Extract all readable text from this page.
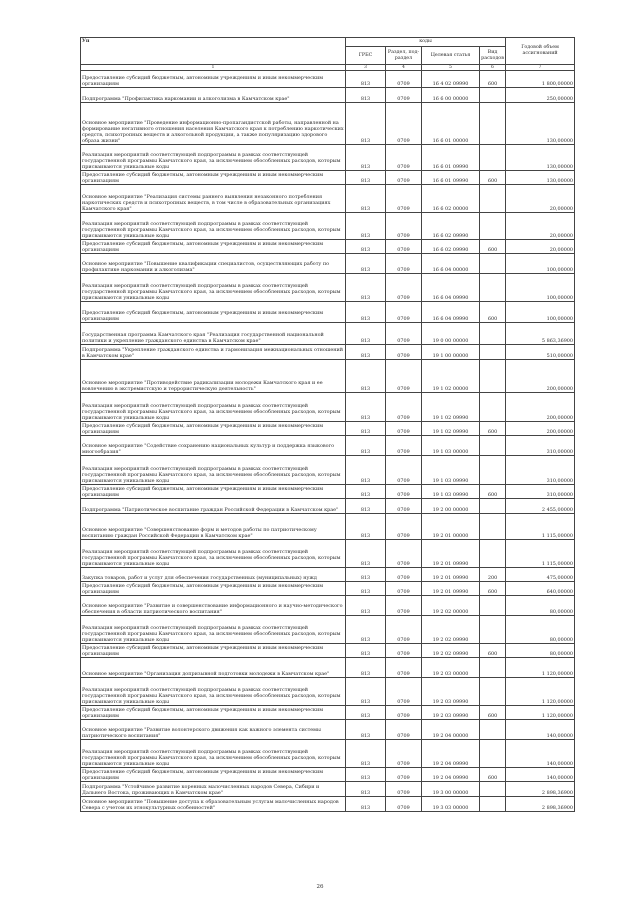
Уп	коды				Годовой объем ассигнований
	ГРБС	Раздел, под-раздел	Целевая статья	Вид расходов	
1	3	4	5	6	7
Предоставление субсидий бюджетным, автономным учреждениям и иным некоммерческим организациям	813	0709	16 4 02 09990	600	1 800,00000
Подпрограмма "Профилактика наркомании и алкоголизма в Камчатском крае"	813	0709	16 6 00 00000		250,00000
Основное мероприятие "Проведение информационно-пропагандистской работы, направленной на формирование негативного отношения населения Камчатского края к потреблению наркотических средств, психотропных веществ и алкогольной продукции, а также популяризацию здорового образа жизни"	813	0709	16 6 01 00000		130,00000
Реализация мероприятий соответствующей подпрограммы в рамках соответствующей государственной программы Камчатского края, за исключением обособленных расходов, которым присваиваются уникальные коды	813	0709	16 6 01 09990		130,00000
Предоставление субсидий бюджетным, автономным учреждениям и иным некоммерческим организациям	813	0709	16 6 01 09990	600	130,00000
Основное мероприятие "Реализация системы раннего выявления незаконного потребления наркотических средств и психотропных веществ, в том числе в образовательных организациях Камчатского края"	813	0709	16 6 02 00000		20,00000
Реализация мероприятий соответствующей подпрограммы в рамках соответствующей государственной программы Камчатского края, за исключением обособленных расходов, которым присваиваются уникальные коды	813	0709	16 6 02 09990		20,00000
Предоставление субсидий бюджетным, автономным учреждениям и иным некоммерческим организациям	813	0709	16 6 02 09990	600	20,00000
Основное мероприятие "Повышение квалификации специалистов, осуществляющих работу по профилактике наркомании и алкоголизма"	813	0709	16 6 04 00000		100,00000
Реализация мероприятий соответствующей подпрограммы в рамках соответствующей государственной программы Камчатского края, за исключением обособленных расходов, которым присваиваются уникальные коды	813	0709	16 6 04 09990		100,00000
Предоставление субсидий бюджетным, автономным учреждениям и иным некоммерческим организациям	813	0709	16 6 04 09990	600	100,00000
Государственная программа Камчатского края "Реализация государственной национальной политики и укрепление гражданского единства в Камчатском крае"	813	0709	19 0 00 00000		5 863,36900
Подпрограмма "Укрепление гражданского единства и гармонизация межнациональных отношений в Камчатском крае"	813	0709	19 1 00 00000		510,00000
Основное мероприятие "Противодействие радикализации молодежи Камчатского края и ее вовлечению в экстремистскую и террористическую деятельность"	813	0709	19 1 02 00000		200,00000
Реализация мероприятий соответствующей подпрограммы в рамках соответствующей государственной программы Камчатского края, за исключением обособленных расходов, которым присваиваются уникальные коды	813	0709	19 1 02 09990		200,00000
Предоставление субсидий бюджетным, автономным учреждениям и иным некоммерческим организациям	813	0709	19 1 02 09990	600	200,00000
Основное мероприятие "Содействие сохранению национальных культур и поддержка языкового многообразия"	813	0709	19 1 03 00000		310,00000
Реализация мероприятий соответствующей подпрограммы в рамках соответствующей государственной программы Камчатского края, за исключением обособленных расходов, которым присваиваются уникальные коды	813	0709	19 1 03 09990		310,00000
Предоставление субсидий бюджетным, автономным учреждениям и иным некоммерческим организациям	813	0709	19 1 03 09990	600	310,00000
Подпрограмма "Патриотическое воспитание граждан Российской Федерации в Камчатском крае"	813	0709	19 2 00 00000		2 455,00000
Основное мероприятие "Совершенствование форм и методов работы по патриотическому воспитанию граждан Российской Федерации в Камчатском крае"	813	0709	19 2 01 00000		1 115,00000
Реализация мероприятий соответствующей подпрограммы в рамках соответствующей государственной программы Камчатского края, за исключением обособленных расходов, которым присваиваются уникальные коды	813	0709	19 2 01 09990		1 115,00000
Закупка товаров, работ и услуг для обеспечения государственных (муниципальных) нужд	813	0709	19 2 01 09990	200	475,00000
Предоставление субсидий бюджетным, автономным учреждениям и иным некоммерческим организациям	813	0709	19 2 01 09990	600	640,00000
Основное мероприятие "Развитие и совершенствование информационного и научно-методического обеспечения в области патриотического воспитания"	813	0709	19 2 02 00000		80,00000
Реализация мероприятий соответствующей подпрограммы в рамках соответствующей государственной программы Камчатского края, за исключением обособленных расходов, которым присваиваются уникальные коды	813	0709	19 2 02 09990		80,00000
Предоставление субсидий бюджетным, автономным учреждениям и иным некоммерческим организациям	813	0709	19 2 02 09990	600	80,00000
Основное мероприятие "Организация допризывной подготовки молодежи в Камчатском крае"	813	0709	19 2 03 00000		1 120,00000
Реализация мероприятий соответствующей подпрограммы в рамках соответствующей государственной программы Камчатского края, за исключением обособленных расходов, которым присваиваются уникальные коды	813	0709	19 2 03 09990		1 120,00000
Предоставление субсидий бюджетным, автономным учреждениям и иным некоммерческим организациям	813	0709	19 2 03 09990	600	1 120,00000
Основное мероприятие "Развитие волонтерского движения как важного элемента системы патриотического воспитания"	813	0709	19 2 04 00000		140,00000
Реализация мероприятий соответствующей подпрограммы в рамках соответствующей государственной программы Камчатского края, за исключением обособленных расходов, которым присваиваются уникальные коды	813	0709	19 2 04 09990		140,00000
Предоставление субсидий бюджетным, автономным учреждениям и иным некоммерческим организациям	813	0709	19 2 04 09990	600	140,00000
Подпрограмма "Устойчивое развитие коренных малочисленных народов Севера, Сибири и Дальнего Востока, проживающих в Камчатском крае"	813	0709	19 3 00 00000		2 898,36900
Основное мероприятие "Повышение доступа к образовательным услугам малочисленных народов Севера с учетом их этнокультурных особенностей"	813	0709	19 3 03 00000		2 898,36900
26
